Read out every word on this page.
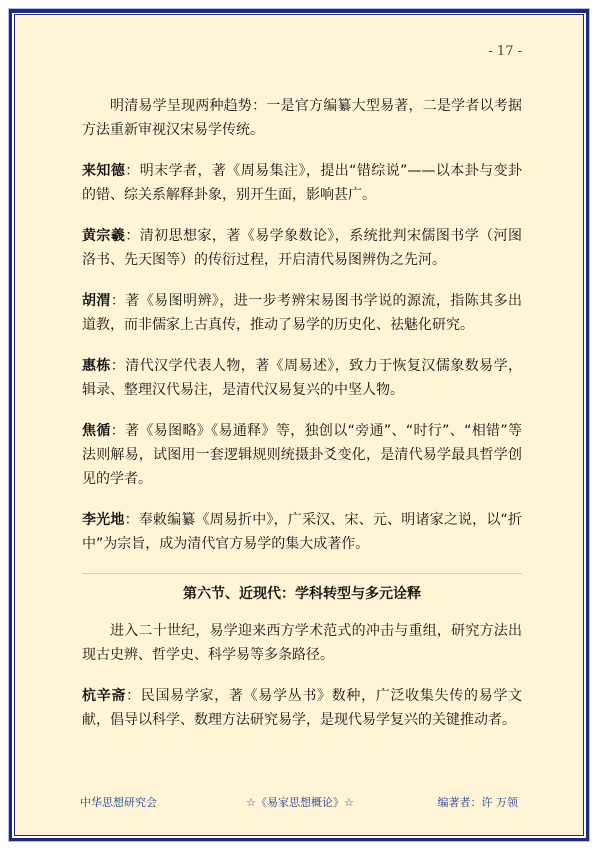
- 17 -

明清易学呈现两种趋势：一是官方编纂大型易著，二是学者以考据方法重新审视汉宋易学传统。

来知德：明末学者，著《周易集注》，提出“错综说”——以本卦与变卦的错、综关系解释卦象，别开生面，影响甚广。

黄宗羲：清初思想家，著《易学象数论》，系统批判宋儒图书学（河图洛书、先天图等）的传衍过程，开启清代易图辨伪之先河。

胡渭：著《易图明辨》，进一步考辨宋易图书学说的源流，指陈其多出道教，而非儒家上古真传，推动了易学的历史化、祛魅化研究。

惠栋：清代汉学代表人物，著《周易述》，致力于恢复汉儒象数易学，辑录、整理汉代易注，是清代汉易复兴的中坚人物。

焦循：著《易图略》《易通释》等，独创以“旁通”、“时行”、“相错”等法则解易，试图用一套逻辑规则统摄卦爻变化，是清代易学最具哲学创见的学者。

李光地：奉敕编纂《周易折中》，广采汉、宋、元、明诸家之说，以“折中”为宗旨，成为清代官方易学的集大成著作。

第六节、近现代：学科转型与多元诠释

进入二十世纪，易学迎来西方学术范式的冲击与重组，研究方法出现古史辨、哲学史、科学易等多条路径。

杭辛斋：民国易学家，著《易学丛书》数种，广泛收集失传的易学文献，倡导以科学、数理方法研究易学，是现代易学复兴的关键推动者。

中华思想研究会	☆《易家思想概论》☆	编著者：许 万领
